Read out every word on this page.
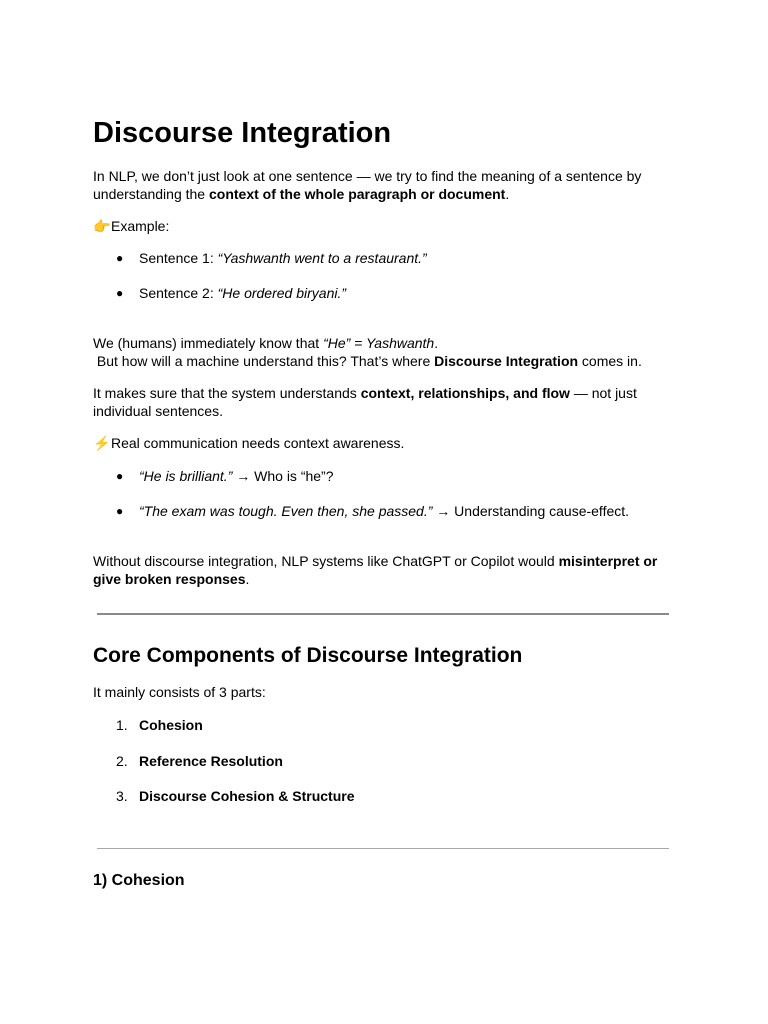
Discourse Integration

In NLP, we don’t just look at one sentence — we try to find the meaning of a sentence by understanding the context of the whole paragraph or document.

👉Example:

● Sentence 1: “Yashwanth went to a restaurant.”
● Sentence 2: “He ordered biryani.”

We (humans) immediately know that “He” = Yashwanth.
But how will a machine understand this? That’s where Discourse Integration comes in.

It makes sure that the system understands context, relationships, and flow — not just individual sentences.

⚡Real communication needs context awareness.

● “He is brilliant.” → Who is “he”?
● “The exam was tough. Even then, she passed.” → Understanding cause-effect.

Without discourse integration, NLP systems like ChatGPT or Copilot would misinterpret or give broken responses.

Core Components of Discourse Integration

It mainly consists of 3 parts:

1. Cohesion
2. Reference Resolution
3. Discourse Cohesion & Structure
1) Cohesion
